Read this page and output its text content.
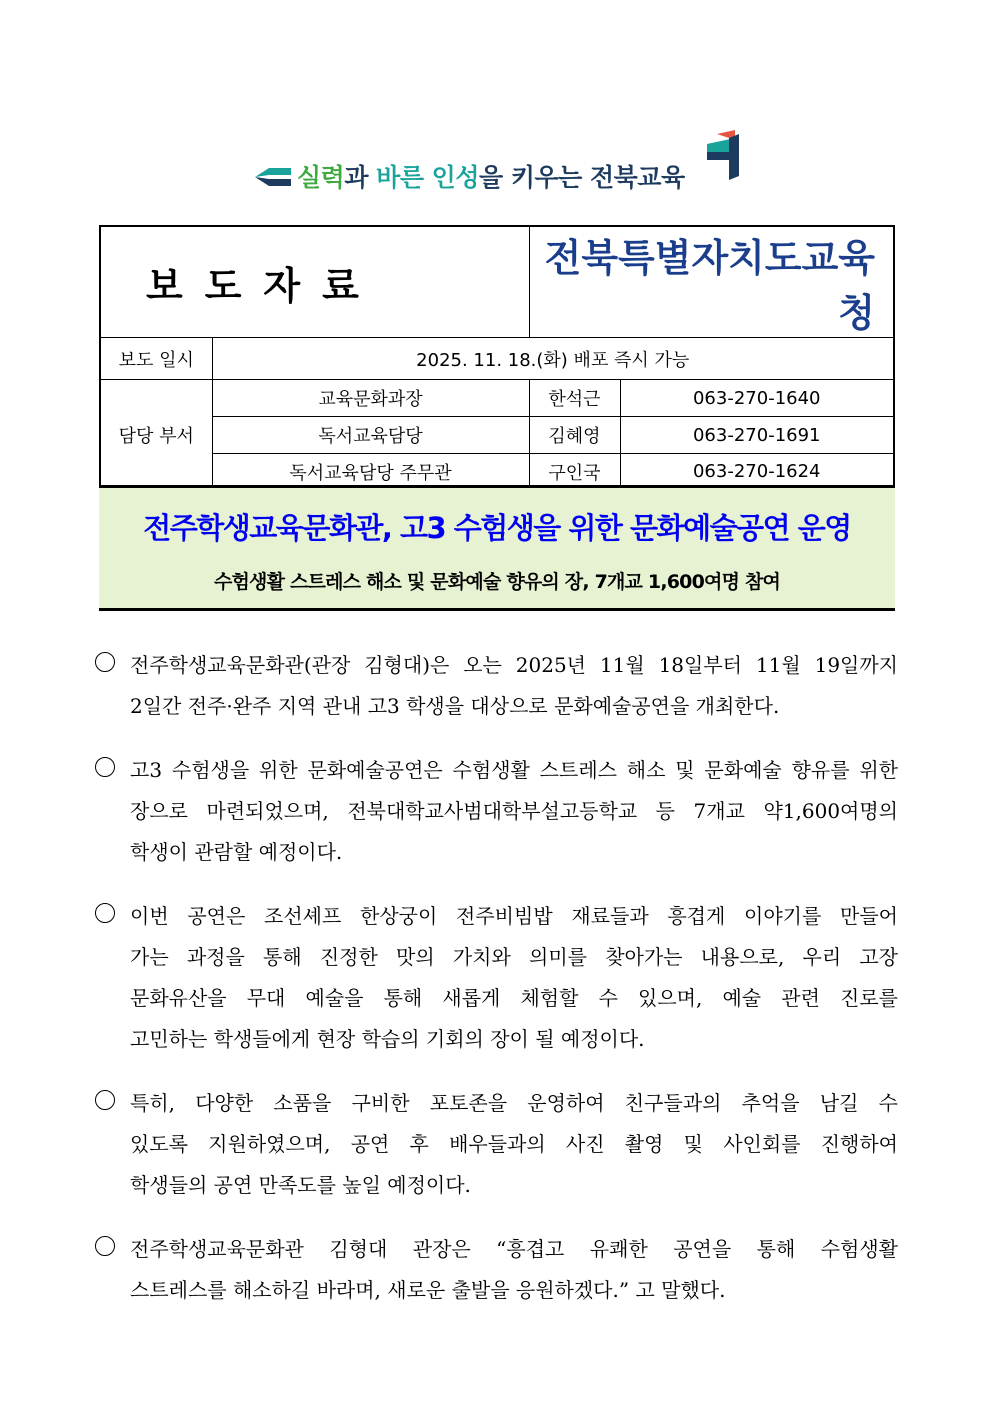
실력과 바른 인성을 키우는 전북교육
보도자료		전북특별자치도교육청	
보도 일시	2025. 11. 18.(화) 배포 즉시 가능		
담당 부서	교육문화과장	한석근	063-270-1640
	독서교육담당	김혜영	063-270-1691
	독서교육담당 주무관	구인국	063-270-1624
전주학생교육문화관, 고3 수험생을 위한 문화예술공연 운영
수험생활 스트레스 해소 및 문화예술 향유의 장, 7개교 1,600여명 참여
전주학생교육문화관(관장 김형대)은 오는 2025년 11월 18일부터 11월 19일까지
2일간 전주·완주 지역 관내 고3 학생을 대상으로 문화예술공연을 개최한다.
고3 수험생을 위한 문화예술공연은 수험생활 스트레스 해소 및 문화예술 향유를 위한
장으로 마련되었으며, 전북대학교사범대학부설고등학교 등 7개교 약1,600여명의
학생이 관람할 예정이다.
이번 공연은 조선셰프 한상궁이 전주비빔밥 재료들과 흥겹게 이야기를 만들어
가는 과정을 통해 진정한 맛의 가치와 의미를 찾아가는 내용으로, 우리 고장
문화유산을 무대 예술을 통해 새롭게 체험할 수 있으며, 예술 관련 진로를
고민하는 학생들에게 현장 학습의 기회의 장이 될 예정이다.
특히, 다양한 소품을 구비한 포토존을 운영하여 친구들과의 추억을 남길 수
있도록 지원하였으며, 공연 후 배우들과의 사진 촬영 및 사인회를 진행하여
학생들의 공연 만족도를 높일 예정이다.
전주학생교육문화관 김형대 관장은 “흥겹고 유쾌한 공연을 통해 수험생활
스트레스를 해소하길 바라며, 새로운 출발을 응원하겠다.” 고 말했다.
